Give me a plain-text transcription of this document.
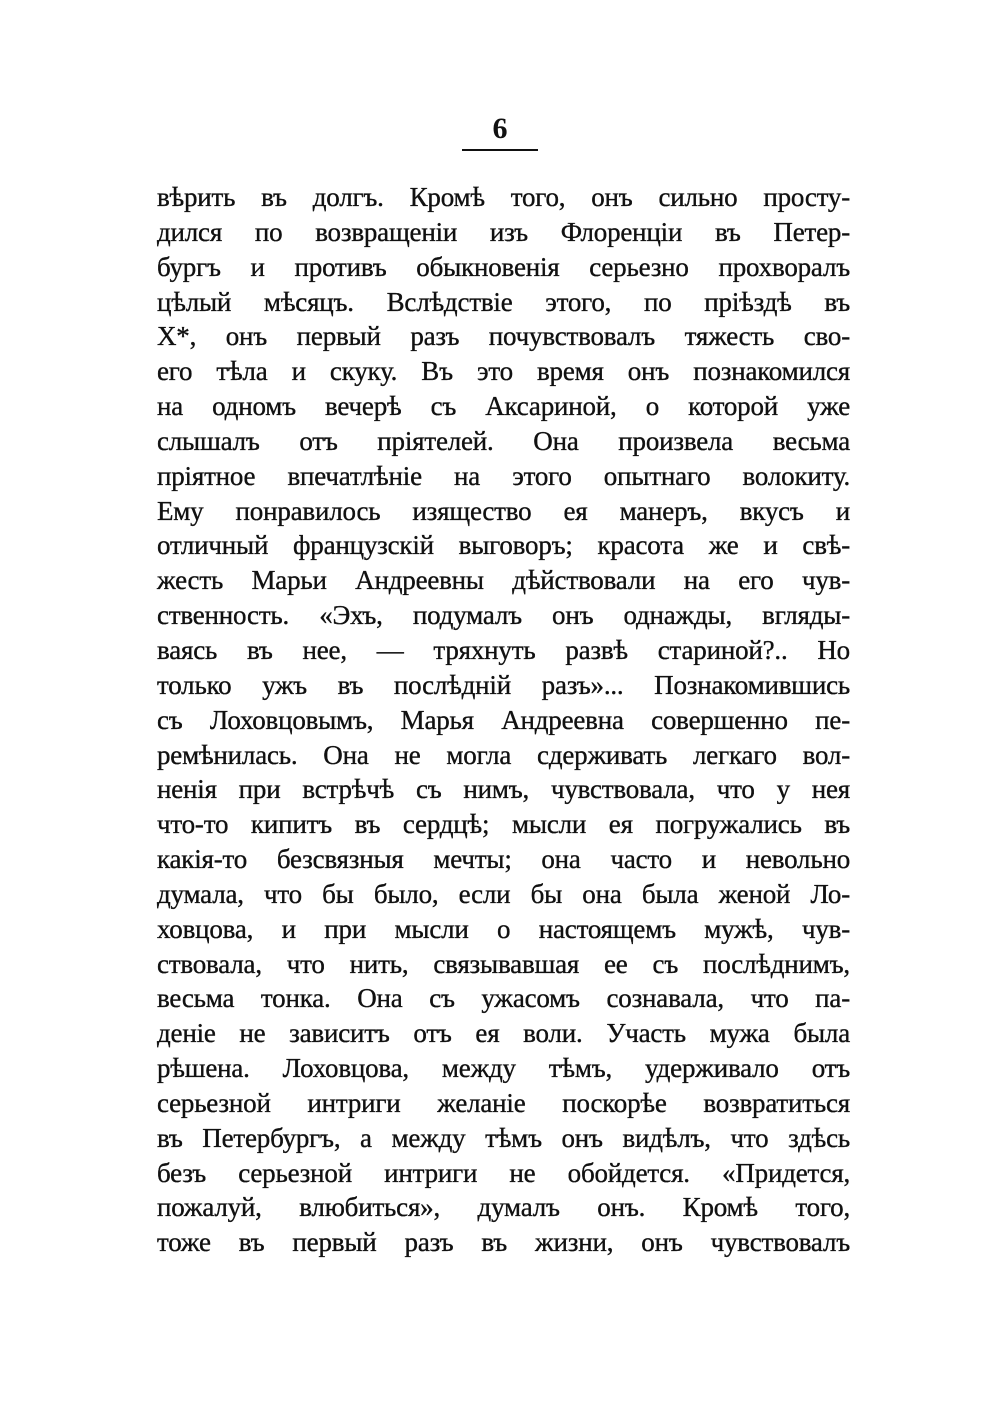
6
вѣрить въ долгъ. Кромѣ того, онъ сильно просту-
дился по возвращеніи изъ Флоренціи въ Петер-
бургъ и противъ обыкновенія серьезно прохворалъ
цѣлый мѣсяцъ. Вслѣдствіе этого, по пріѣздѣ въ
X*, онъ первый разъ почувствовалъ тяжесть сво-
его тѣла и скуку. Въ это время онъ познакомился
на одномъ вечерѣ съ Аксариной, о которой уже
слышалъ отъ пріятелей. Она произвела весьма
пріятное впечатлѣніе на этого опытнаго волокиту.
Ему понравилось изящество ея манеръ, вкусъ и
отличный французскій выговоръ; красота же и свѣ-
жесть Марьи Андреевны дѣйствовали на его чув-
ственность. «Эхъ, подумалъ онъ однажды, вгляды-
ваясь въ нее, — тряхнуть развѣ стариной?.. Но
только ужъ въ послѣдній разъ»... Познакомившись
съ Лоховцовымъ, Марья Андреевна совершенно пе-
ремѣнилась. Она не могла сдерживать легкаго вол-
ненія при встрѣчѣ съ нимъ, чувствовала, что у нея
что-то кипитъ въ сердцѣ; мысли ея погружались въ
какія-то безсвязныя мечты; она часто и невольно
думала, что бы было, если бы она была женой Ло-
ховцова, и при мысли о настоящемъ мужѣ, чув-
ствовала, что нить, связывавшая ее съ послѣднимъ,
весьма тонка. Она съ ужасомъ сознавала, что па-
деніе не зависитъ отъ ея воли. Участь мужа была
рѣшена. Лоховцова, между тѣмъ, удерживало отъ
серьезной интриги желаніе поскорѣе возвратиться
въ Петербургъ, а между тѣмъ онъ видѣлъ, что здѣсь
безъ серьезной интриги не обойдется. «Придется,
пожалуй, влюбиться», думалъ онъ. Кромѣ того,
тоже въ первый разъ въ жизни, онъ чувствовалъ
